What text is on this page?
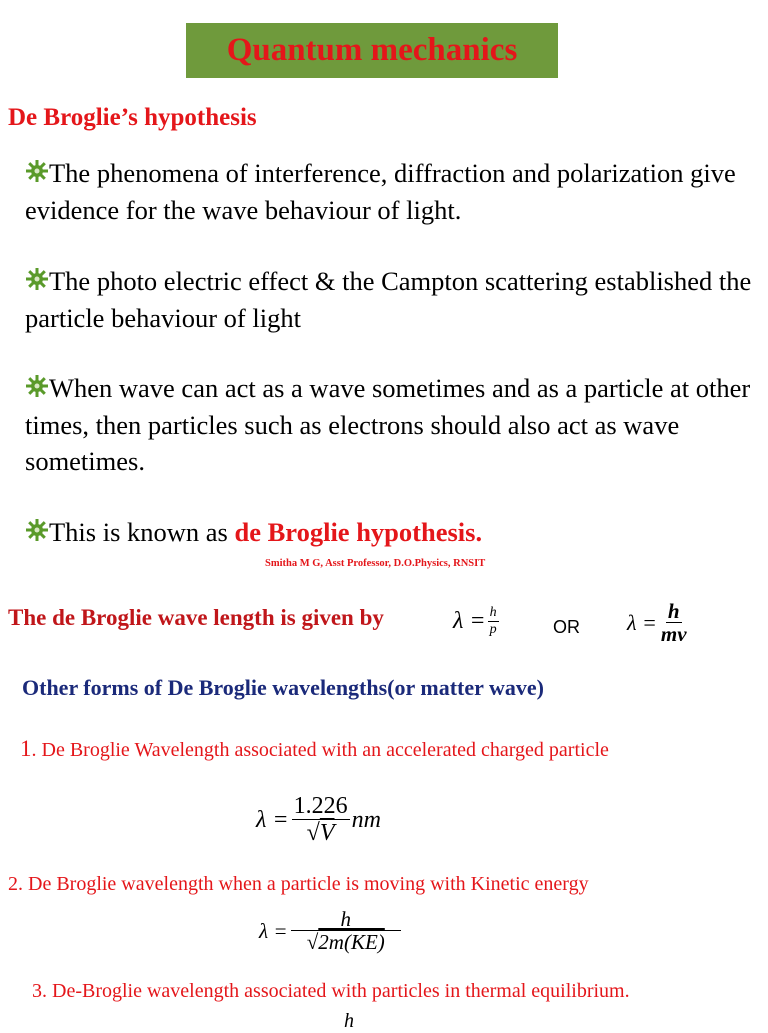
Quantum mechanics
De Broglie’s hypothesis
The phenomena of interference, diffraction and polarization give evidence for the wave behaviour of light.
The photo electric effect & the Campton scattering established the particle behaviour of light
When wave can act as a wave sometimes and as a particle at other times, then particles such as electrons should also act as wave sometimes.
This is known as de Broglie hypothesis.
Smitha M G, Asst Professor, D.O.Physics, RNSIT
The de Broglie wave length is given by	$\lambda = \frac{h}{p}$	OR $\lambda = \frac{h}{mv}$
Other forms of De Broglie wavelengths(or matter wave)
1. De Broglie Wavelength associated with an accelerated charged particle
$\lambda = \frac{1.226}{√V}$ nm
2. De Broglie wavelength when a particle is moving with Kinetic energy
$\lambda = \frac{h}{√2m(KE)}$
3. De-Broglie wavelength associated with particles in thermal equilibrium.
h
